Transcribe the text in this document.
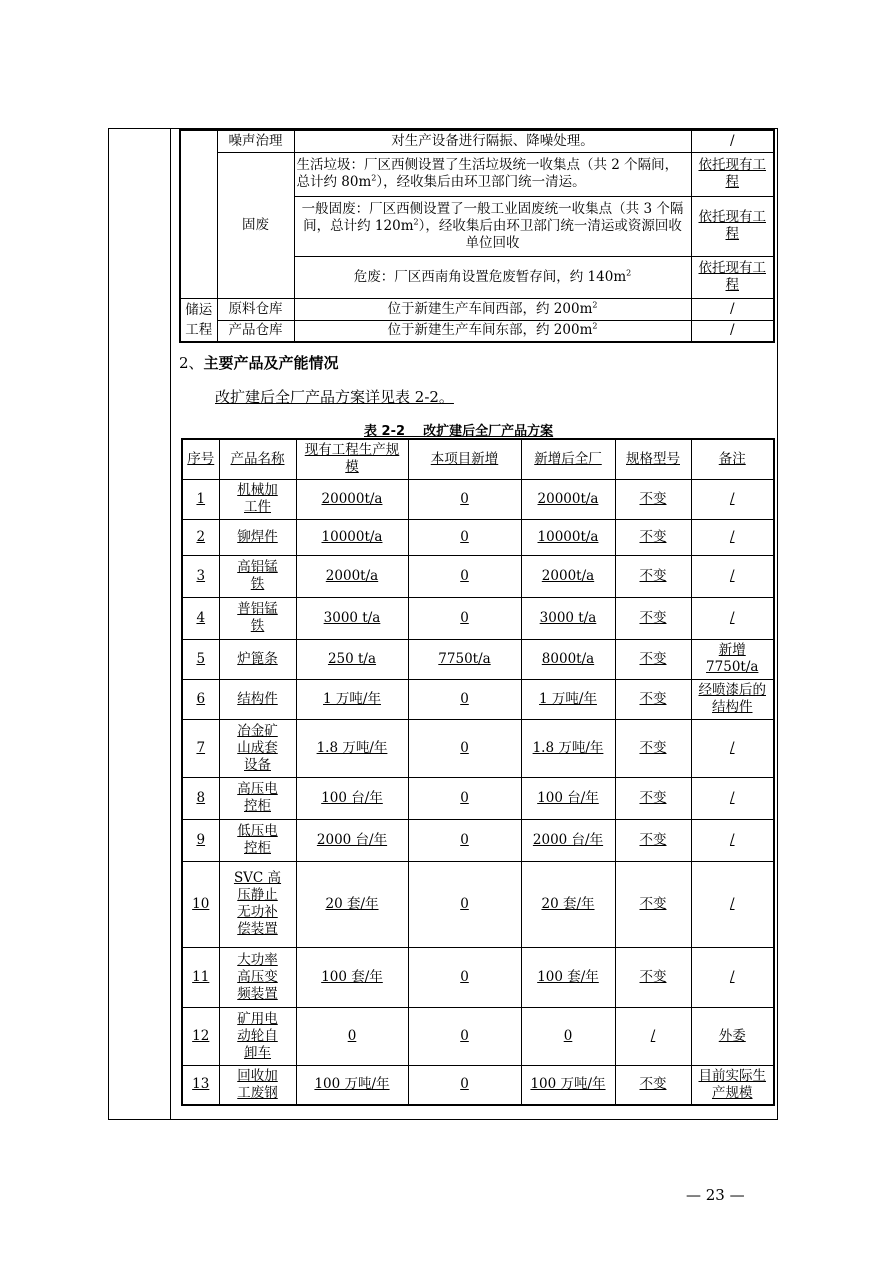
	噪声治理	对生产设备进行隔振、降噪处理。	/
	固废	生活垃圾：厂区西侧设置了生活垃圾统一收集点（共 2 个隔间，总计约 $80m^2$），经收集后由环卫部门统一清运。	依托现有工程
		一般固废：厂区西侧设置了一般工业固废统一收集点（共 3 个隔间，总计约 $120m^2$），经收集后由环卫部门统一清运或资源回收单位回收	依托现有工程
		危废：厂区西南角设置危废暂存间，约 $140m^2$	依托现有工程

储运工程	原料仓库	位于新建生产车间西部，约 $200m^2$	/
	产品仓库	位于新建生产车间东部，约 $200m^2$	/
2、主要产品及产能情况
改扩建后全厂产品方案详见表 2-2。
表 2-2    改扩建后全厂产品方案
序号	产品名称	现有工程生产规模	本项目新增	新增后全厂	规格型号	备注
1	机械加工件	20000t/a	0	20000t/a	不变	/
2	铆焊件	10000t/a	0	10000t/a	不变	/
3	高铝锰铁	2000t/a	0	2000t/a	不变	/
4	普铝锰铁	3000 t/a	0	3000 t/a	不变	/
5	炉篦条	250 t/a	7750t/a	8000t/a	不变	新增7750t/a
6	结构件	1 万吨/年	0	1 万吨/年	不变	经喷漆后的结构件
7	冶金矿山成套设备	1.8 万吨/年	0	1.8 万吨/年	不变	/
8	高压电控柜	100 台/年	0	100 台/年	不变	/
9	低压电控柜	2000 台/年	0	2000 台/年	不变	/
10	SVC 高压静止无功补偿装置	20 套/年	0	20 套/年	不变	/
11	大功率高压变频装置	100 套/年	0	100 套/年	不变	/
12	矿用电动轮自卸车	0	0	0	/	外委
13	回收加工废钢	100 万吨/年	0	100 万吨/年	不变	目前实际生产规模
— 23 —
